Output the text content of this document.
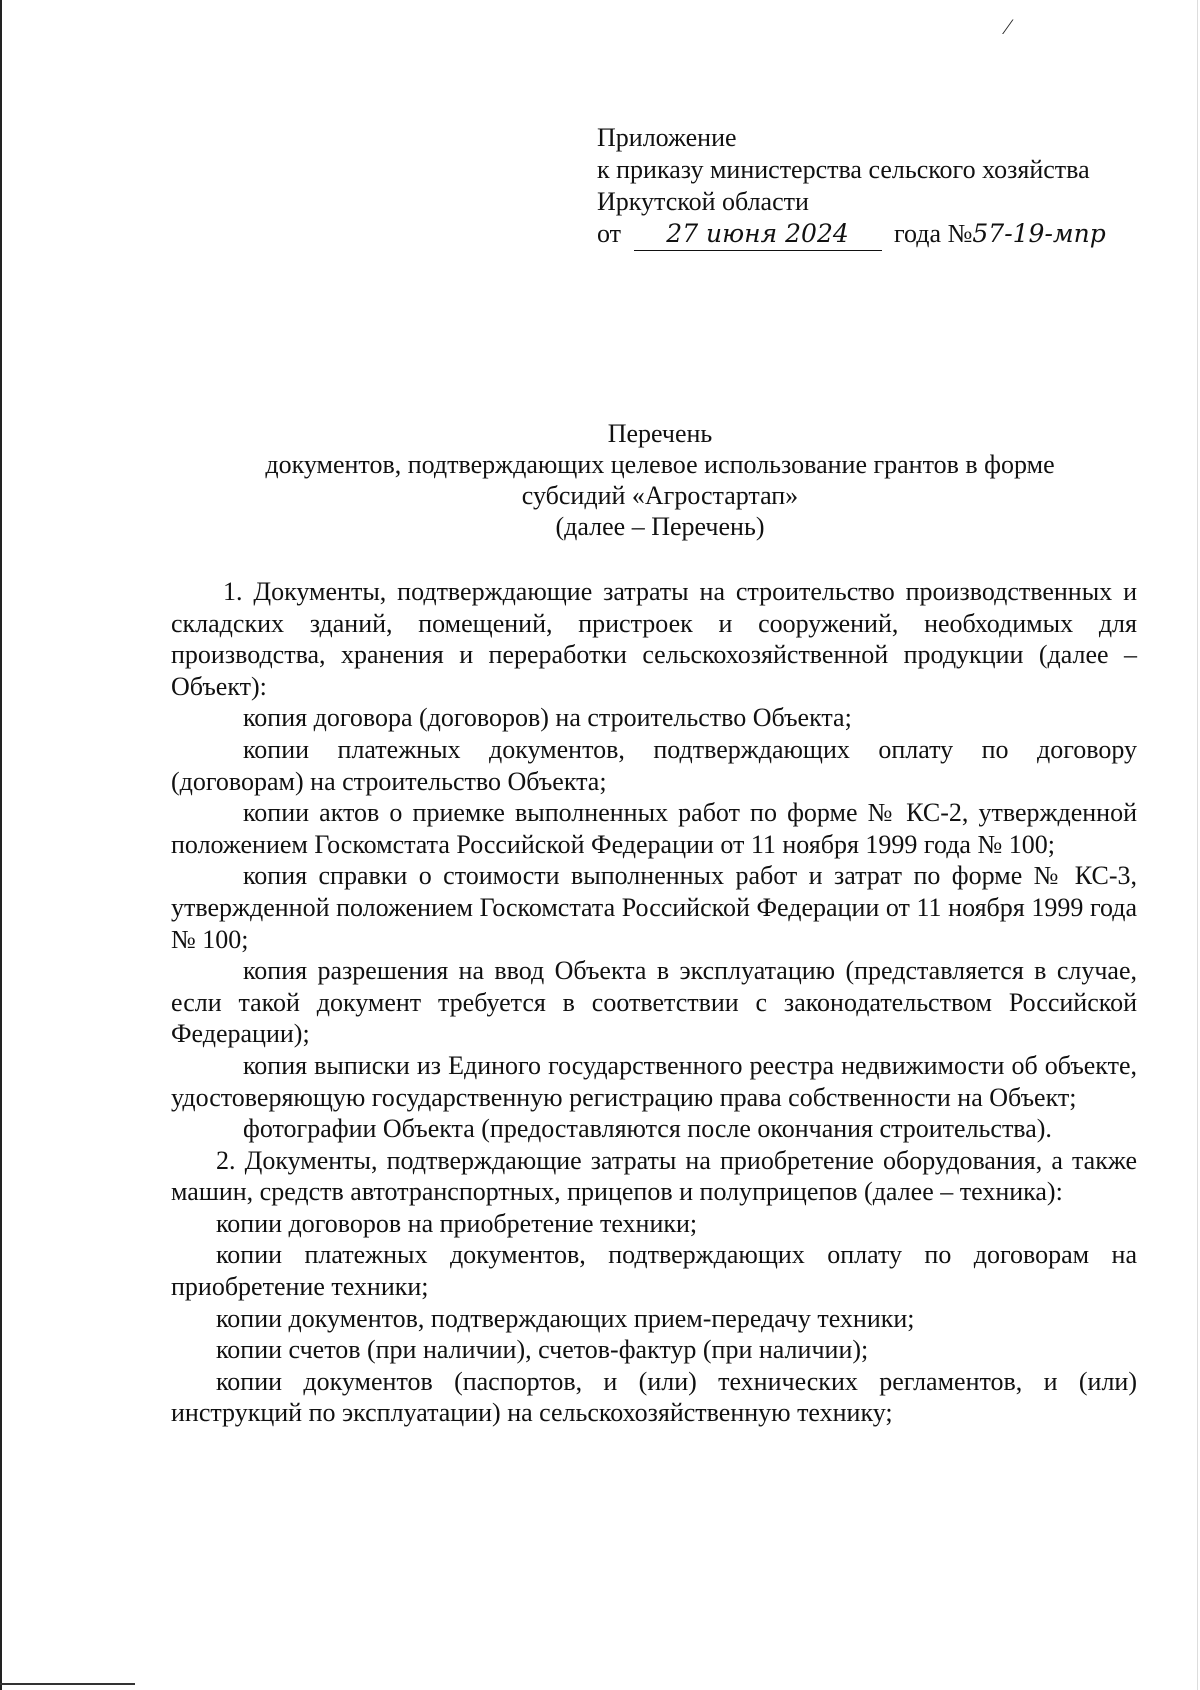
⁄
Приложение
к приказу министерства сельского хозяйства
Иркутской области
от 27 июня 2024 года №57-19-мпр
Перечень
документов, подтверждающих целевое использование грантов в форме
субсидий «Агростартап»
(далее – Перечень)

1. Документы, подтверждающие затраты на строительство производственных и складских зданий, помещений, пристроек и сооружений, необходимых для производства, хранения и переработки сельскохозяйственной продукции (далее – Объект):

копия договора (договоров) на строительство Объекта;

копии платежных документов, подтверждающих оплату по договору (договорам) на строительство Объекта;

копии актов о приемке выполненных работ по форме № КС-2, утвержденной положением Госкомстата Российской Федерации от 11 ноября 1999 года № 100;

копия справки о стоимости выполненных работ и затрат по форме № КС-3, утвержденной положением Госкомстата Российской Федерации от 11 ноября 1999 года № 100;

копия разрешения на ввод Объекта в эксплуатацию (представляется в случае, если такой документ требуется в соответствии с законодательством Российской Федерации);

копия выписки из Единого государственного реестра недвижимости об объекте, удостоверяющую государственную регистрацию права собственности на Объект;

фотографии Объекта (предоставляются после окончания строительства).

2. Документы, подтверждающие затраты на приобретение оборудования, а также машин, средств автотранспортных, прицепов и полуприцепов (далее – техника):

копии договоров на приобретение техники;

копии платежных документов, подтверждающих оплату по договорам на приобретение техники;

копии документов, подтверждающих прием-передачу техники;

копии счетов (при наличии), счетов-фактур (при наличии);

копии документов (паспортов, и (или) технических регламентов, и (или) инструкций по эксплуатации) на сельскохозяйственную технику;
